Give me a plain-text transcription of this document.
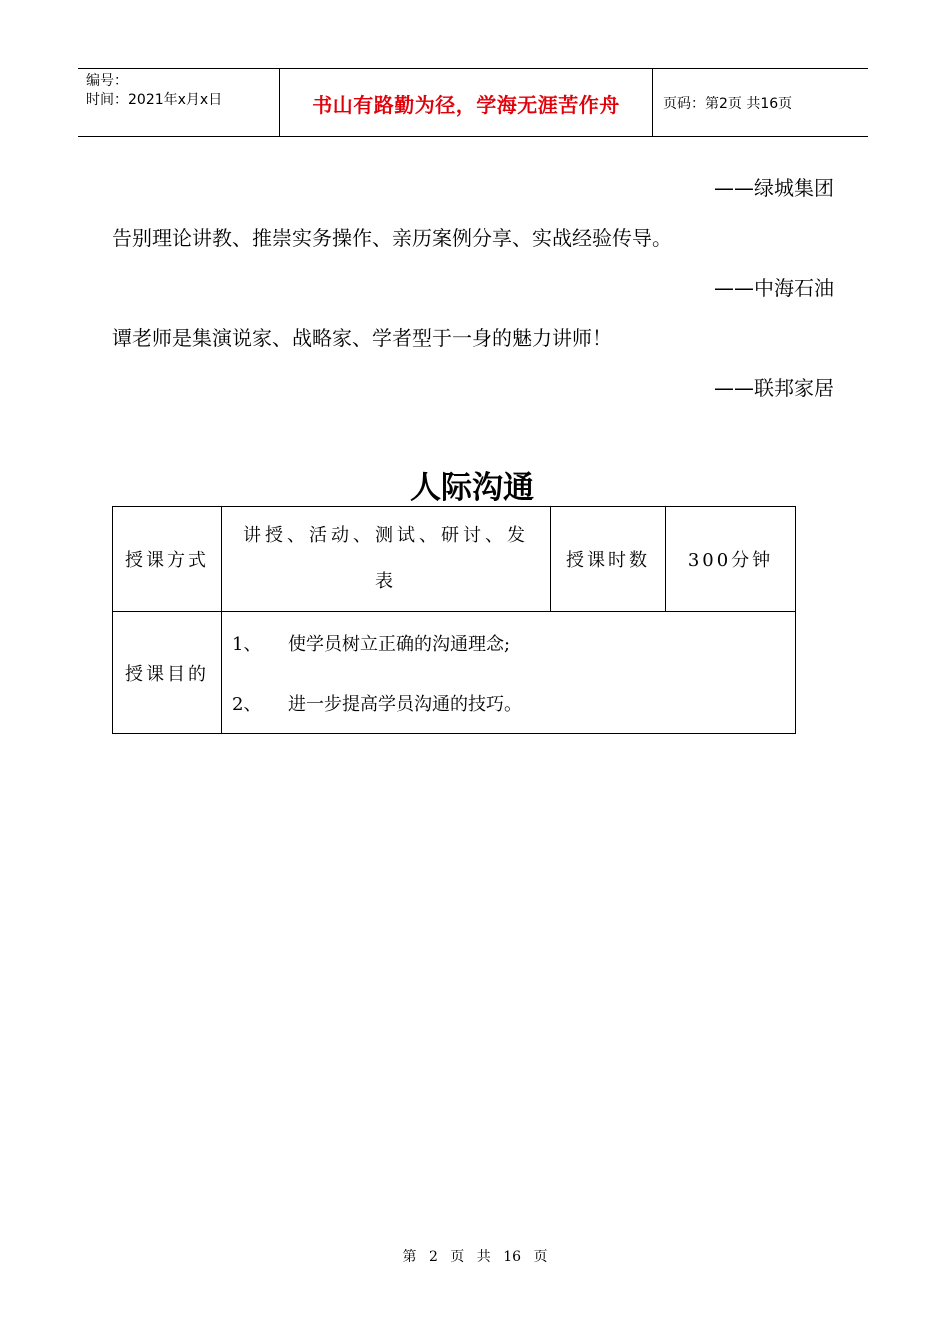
编号：
时间：2021年x月x日	书山有路勤为径，学海无涯苦作舟	页码：第2页 共16页
——绿城集团
告别理论讲教、推崇实务操作、亲历案例分享、实战经验传导。
——中海石油
谭老师是集演说家、战略家、学者型于一身的魅力讲师！
——联邦家居
人际沟通
授课方式	讲授、活动、测试、研讨、发表	授课时数	300分钟
授课目的	1、 使学员树立正确的沟通理念;
2、 进一步提高学员沟通的技巧。		
第 2 页 共 16 页
